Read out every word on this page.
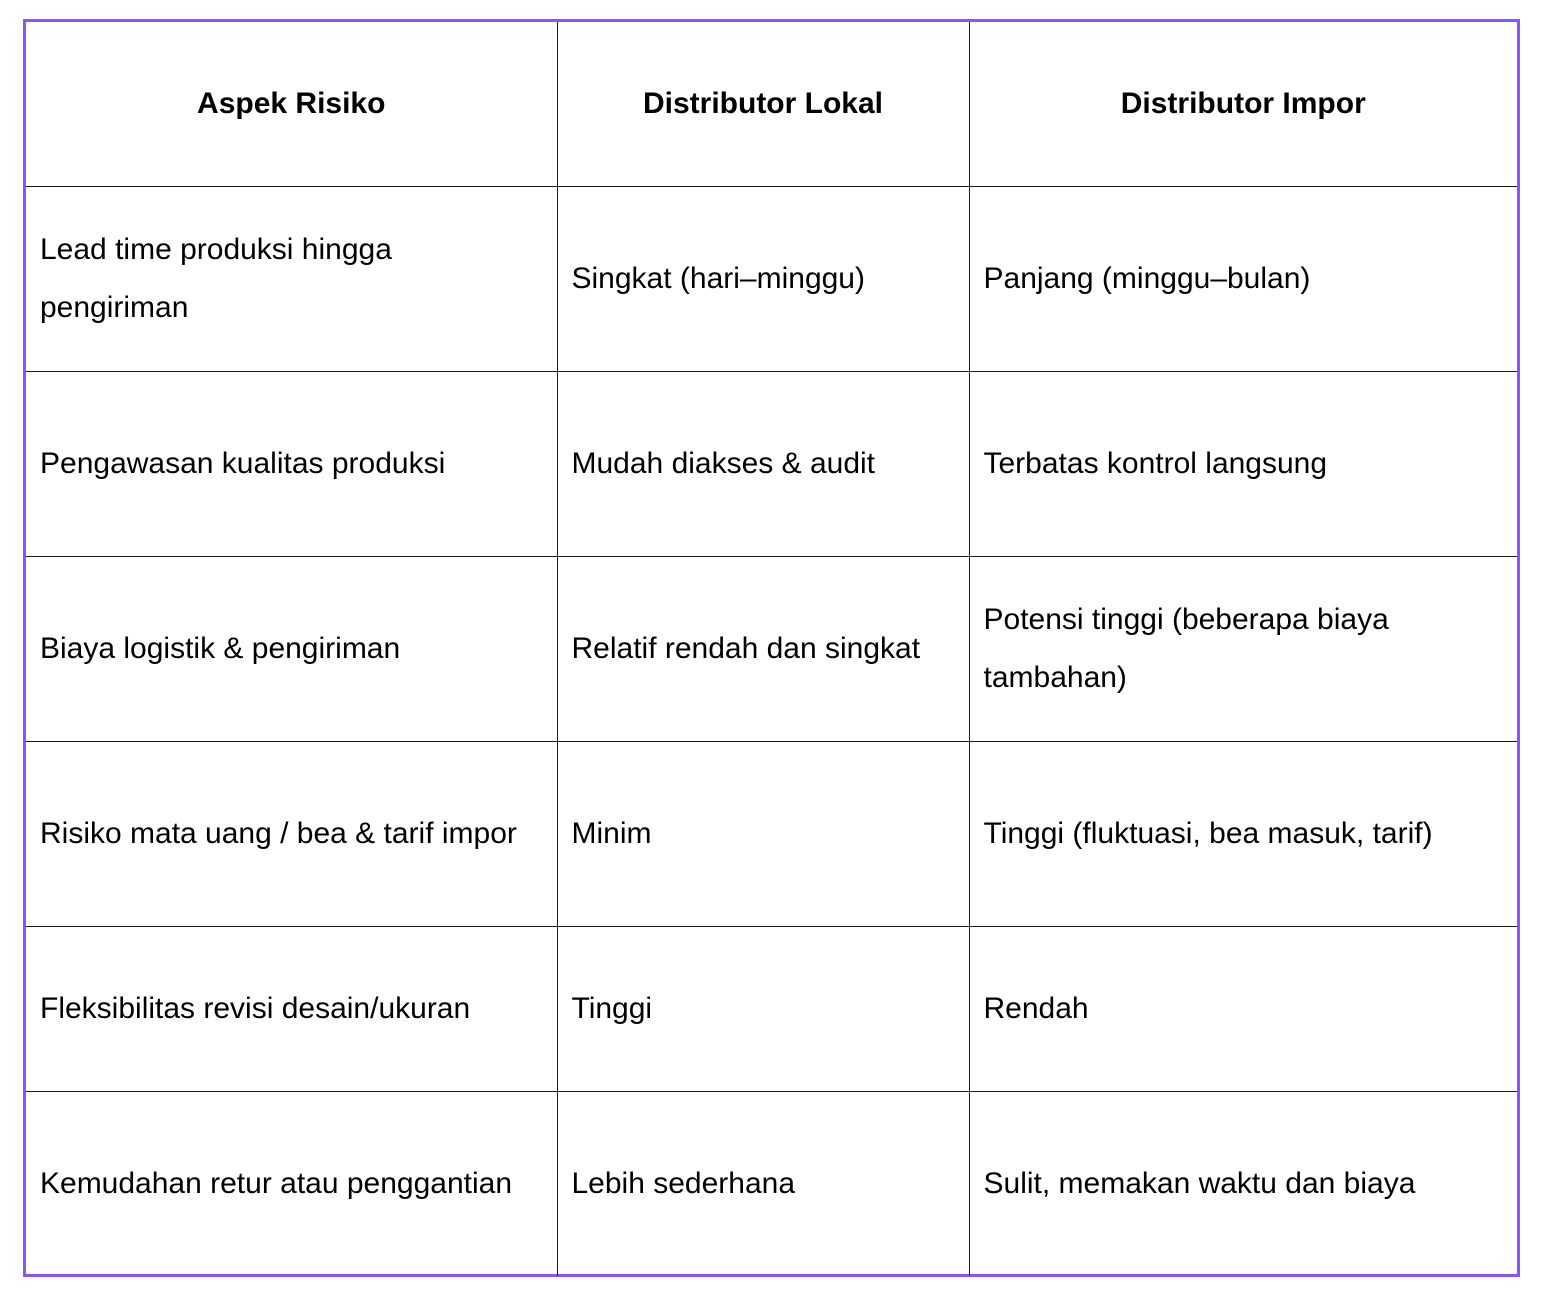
Aspek Risiko	Distributor Lokal	Distributor Impor
Lead time produksi hingga pengiriman	Singkat (hari–minggu)	Panjang (minggu–bulan)
Pengawasan kualitas produksi	Mudah diakses & audit	Terbatas kontrol langsung
Biaya logistik & pengiriman	Relatif rendah dan singkat	Potensi tinggi (beberapa biaya tambahan)
Risiko mata uang / bea & tarif impor	Minim	Tinggi (fluktuasi, bea masuk, tarif)
Fleksibilitas revisi desain/ukuran	Tinggi	Rendah
Kemudahan retur atau penggantian	Lebih sederhana	Sulit, memakan waktu dan biaya
